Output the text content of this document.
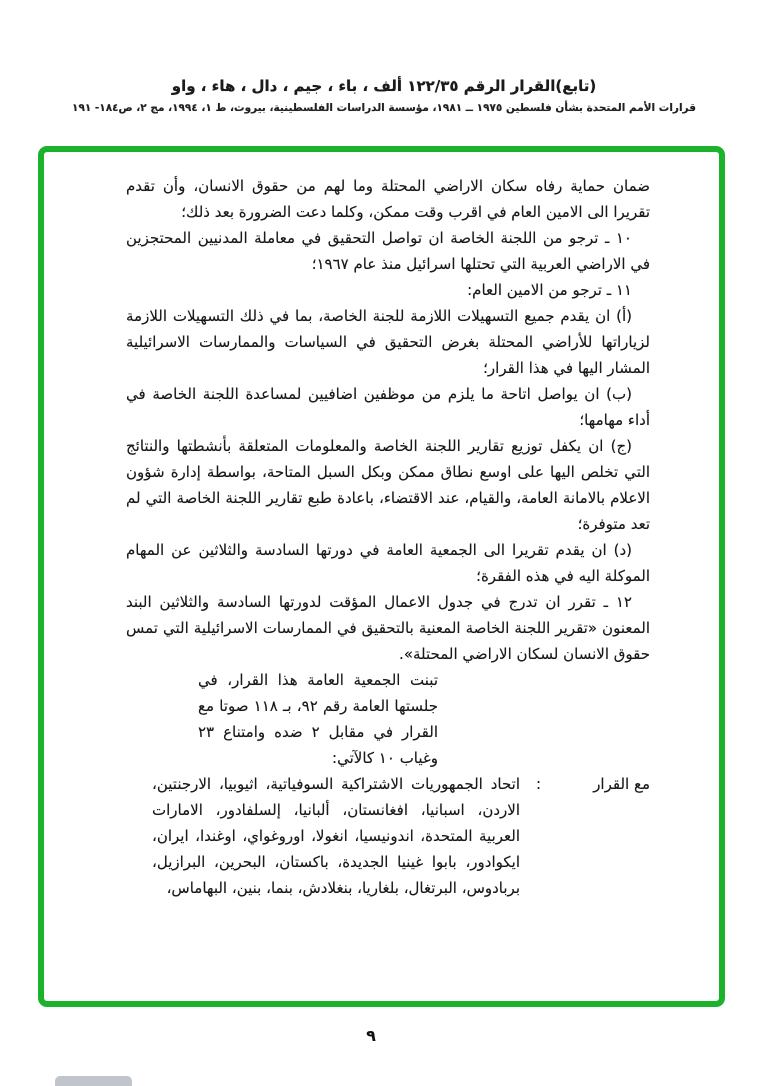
(تابع)القرار الرقم ١٢٢/٣٥ ألف ، باء ، جيم ، دال ، هاء ، واو
قرارات الأمم المتحدة بشأن فلسطين ١٩٧٥ ــ ١٩٨١، مؤسسة الدراسات الفلسطينية، بيروت، ط ١، ١٩٩٤، مج ٢، ص١٨٤- ١٩١

ضمان حماية رفاه سكان الاراضي المحتلة وما لهم من حقوق الانسان، وأن تقدم تقريرا الى الامين العام في اقرب وقت ممكن، وكلما دعت الضرورة بعد ذلك؛

١٠ ـ ترجو من اللجنة الخاصة ان تواصل التحقيق في معاملة المدنيين المحتجزين في الاراضي العربية التي تحتلها اسرائيل منذ عام ١٩٦٧؛

١١ ـ ترجو من الامين العام:

(أ) ان يقدم جميع التسهيلات اللازمة للجنة الخاصة، بما في ذلك التسهيلات اللازمة لزياراتها للأراضي المحتلة بغرض التحقيق في السياسات والممارسات الاسرائيلية المشار اليها في هذا القرار؛

(ب) ان يواصل اتاحة ما يلزم من موظفين اضافيين لمساعدة اللجنة الخاصة في أداء مهامها؛

(ج) ان يكفل توزيع تقارير اللجنة الخاصة والمعلومات المتعلقة بأنشطتها والنتائج التي تخلص اليها على اوسع نطاق ممكن وبكل السبل المتاحة، بواسطة إدارة شؤون الاعلام بالامانة العامة، والقيام، عند الاقتضاء، باعادة طبع تقارير اللجنة الخاصة التي لم تعد متوفرة؛

(د) ان يقدم تقريرا الى الجمعية العامة في دورتها السادسة والثلاثين عن المهام الموكلة اليه في هذه الفقرة؛

١٢ ـ تقرر ان تدرج في جدول الاعمال المؤقت لدورتها السادسة والثلاثين البند المعنون «تقرير اللجنة الخاصة المعنية بالتحقيق في الممارسات الاسرائيلية التي تمس حقوق الانسان لسكان الاراضي المحتلة».

تبنت الجمعية العامة هذا القرار، في جلستها العامة رقم ٩٢، بـ ١١٨ صوتا مع القرار في مقابل ٢ ضده وامتناع ٢٣ وغياب ١٠ كالآتي:
مع القرار
:
اتحاد الجمهوريات الاشتراكية السوفياتية، اثيوبيا، الارجنتين، الاردن، اسبانيا، افغانستان، ألبانيا، إلسلفادور، الامارات العربية المتحدة، اندونيسيا، انغولا، اوروغواي، اوغندا، ايران، ايكوادور، بابوا غينيا الجديدة، باكستان، البحرين، البرازيل، بربادوس، البرتغال، بلغاريا، بنغلادش، بنما، بنين، البهاماس،
٩
